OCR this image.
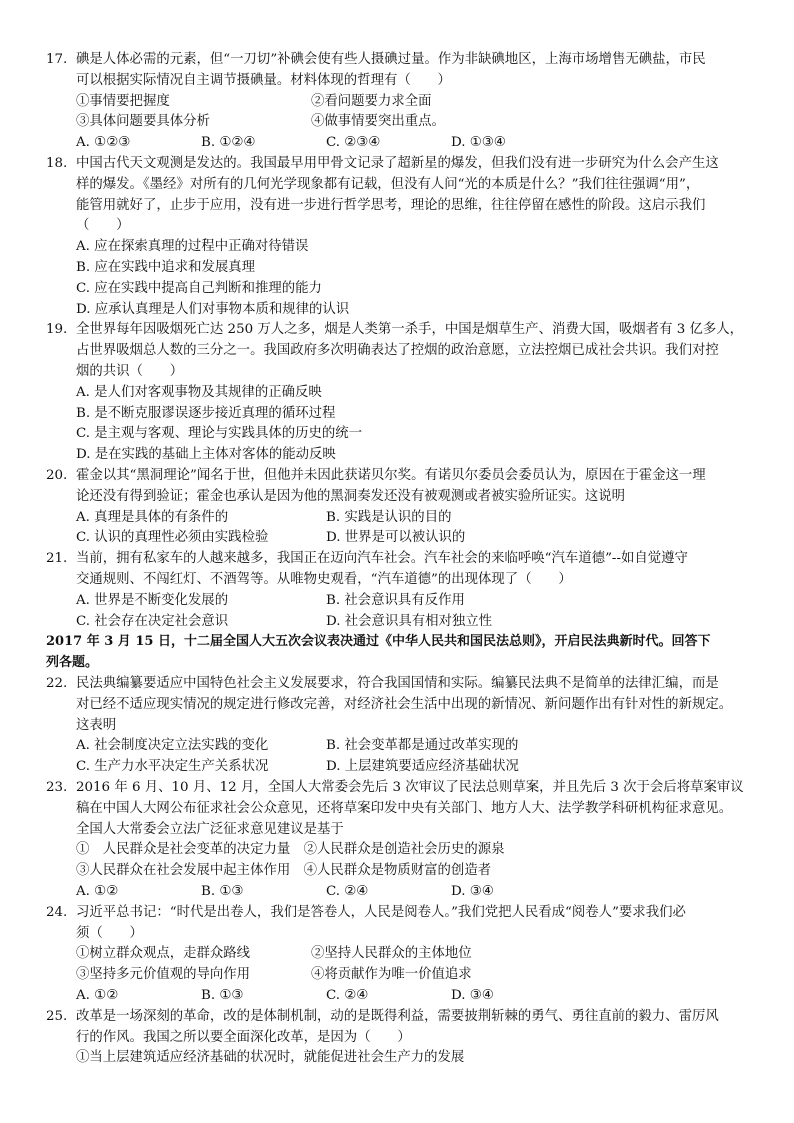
17. 碘是人体必需的元素，但“一刀切”补碘会使有些人摄碘过量。作为非缺碘地区，上海市场增售无碘盐，市民
可以根据实际情况自主调节摄碘量。材料体现的哲理有（　　）
①事情要把握度	②看问题要力求全面
③具体问题要具体分析	④做事情要突出重点。
A. ①②③	B. ①②④	C. ②③④	D. ①③④
18. 中国古代天文观测是发达的。我国最早用甲骨文记录了超新星的爆发，但我们没有进一步研究为什么会产生这
样的爆发。《墨经》对所有的几何光学现象都有记载，但没有人问“光的本质是什么？”我们往往强调“用”，
能管用就好了，止步于应用，没有进一步进行哲学思考，理论的思维，往往停留在感性的阶段。这启示我们
（　　）
A. 应在探索真理的过程中正确对待错误
B. 应在实践中追求和发展真理
C. 应在实践中提高自己判断和推理的能力
D. 应承认真理是人们对事物本质和规律的认识
19. 全世界每年因吸烟死亡达 250 万人之多，烟是人类第一杀手，中国是烟草生产、消费大国，吸烟者有 3 亿多人，
占世界吸烟总人数的三分之一。我国政府多次明确表达了控烟的政治意愿，立法控烟已成社会共识。我们对控
烟的共识（　　）
A. 是人们对客观事物及其规律的正确反映
B. 是不断克服谬误逐步接近真理的循环过程
C. 是主观与客观、理论与实践具体的历史的统一
D. 是在实践的基础上主体对客体的能动反映
20. 霍金以其“黑洞理论”闻名于世，但他并未因此获诺贝尔奖。有诺贝尔委员会委员认为，原因在于霍金这一理
论还没有得到验证；霍金也承认是因为他的黑洞奏发还没有被观测或者被实验所证实。这说明
A. 真理是具体的有条件的	B. 实践是认识的目的
C. 认识的真理性必须由实践检验	D. 世界是可以被认识的
21. 当前，拥有私家车的人越来越多，我国正在迈向汽车社会。汽车社会的来临呼唤“汽车道德”--如自觉遵守
交通规则、不闯红灯、不酒驾等。从唯物史观看，“汽车道德”的出现体现了（　　）
A. 世界是不断变化发展的	B. 社会意识具有反作用
C. 社会存在决定社会意识	D. 社会意识具有相对独立性
2017 年 3 月 15 日，十二届全国人大五次会议表决通过《中华人民共和国民法总则》，开启民法典新时代。回答下
列各题。
22. 民法典编纂要适应中国特色社会主义发展要求，符合我国国情和实际。编纂民法典不是简单的法律汇编，而是
对已经不适应现实情况的规定进行修改完善，对经济社会生活中出现的新情况、新问题作出有针对性的新规定。
这表明
A. 社会制度决定立法实践的变化	B. 社会变革都是通过改革实现的
C. 生产力水平决定生产关系状况	D. 上层建筑要适应经济基础状况
23. 2016 年 6 月、10 月、12 月，全国人大常委会先后 3 次审议了民法总则草案，并且先后 3 次于会后将草案审议
稿在中国人大网公布征求社会公众意见，还将草案印发中央有关部门、地方人大、法学教学科研机构征求意见。
全国人大常委会立法广泛征求意见建议是基于
①　人民群众是社会变革的决定力量　②人民群众是创造社会历史的源泉
③人民群众在社会发展中起主体作用　④人民群众是物质财富的创造者
A. ①②	B. ①③	C. ②④	D. ③④
24. 习近平总书记：“时代是出卷人，我们是答卷人，人民是阅卷人。”我们党把人民看成“阅卷人”要求我们必
须（　　）
①树立群众观点，走群众路线	②坚持人民群众的主体地位
③坚持多元价值观的导向作用	④将贡献作为唯一价值追求
A. ①②	B. ①③	C. ②④	D. ③④
25. 改革是一场深刻的革命，改的是体制机制，动的是既得利益，需要披荆斩棘的勇气、勇往直前的毅力、雷厉风
行的作风。我国之所以要全面深化改革，是因为（　　）
①当上层建筑适应经济基础的状况时，就能促进社会生产力的发展
